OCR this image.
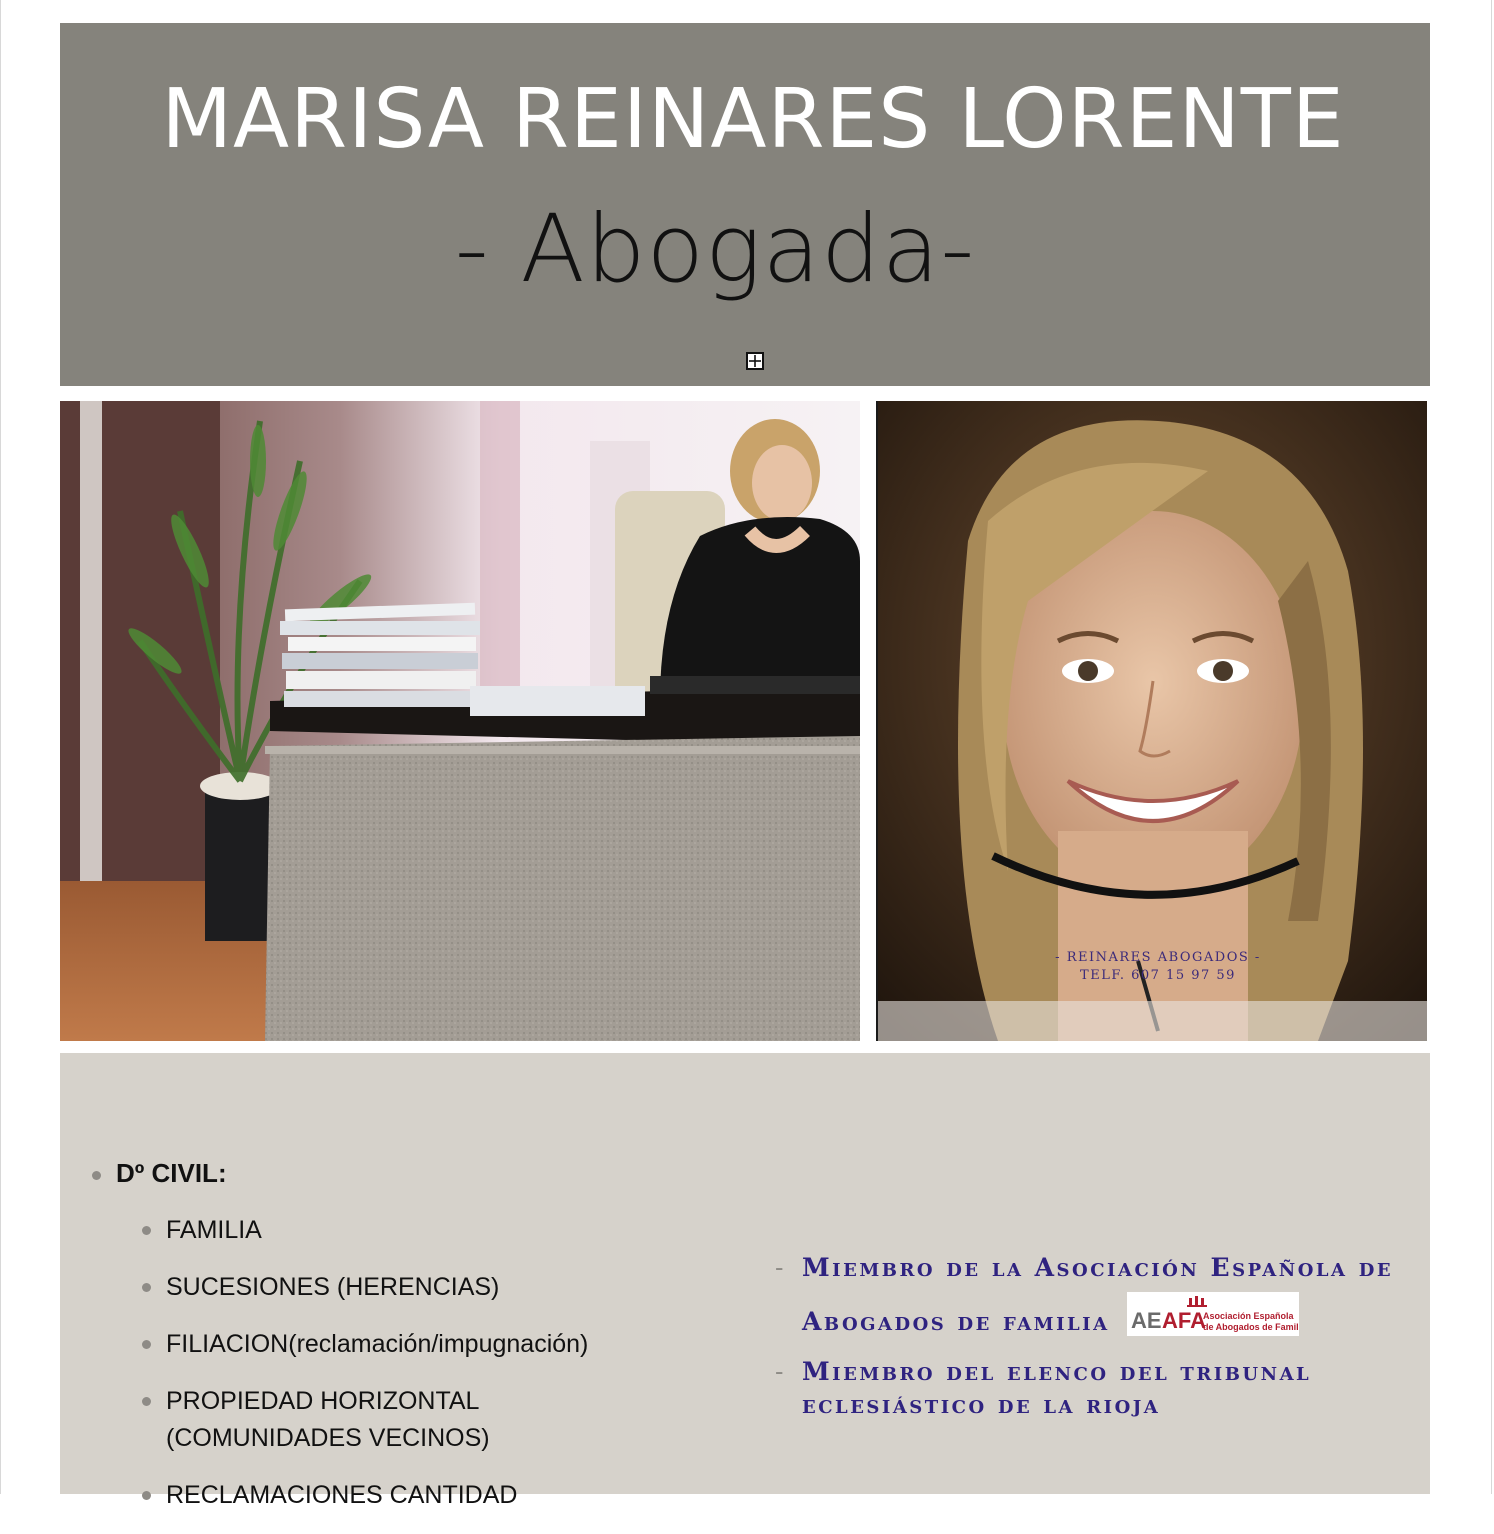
MARISA REINARES LORENTE
- Abogada-
- REINARES ABOGADOS -
TELF. 607 15 97 59
Dº CIVIL:
FAMILIA
SUCESIONES (HERENCIAS)
FILIACION(reclamación/impugnación)
PROPIEDAD HORIZONTAL (COMUNIDADES VECINOS)
RECLAMACIONES CANTIDAD
- Miembro de la Asociación Española de Abogados de familia AE AFA
Asociación Española
de Abogados de Familia
- Miembro del elenco del tribunal eclesiástico de la rioja
